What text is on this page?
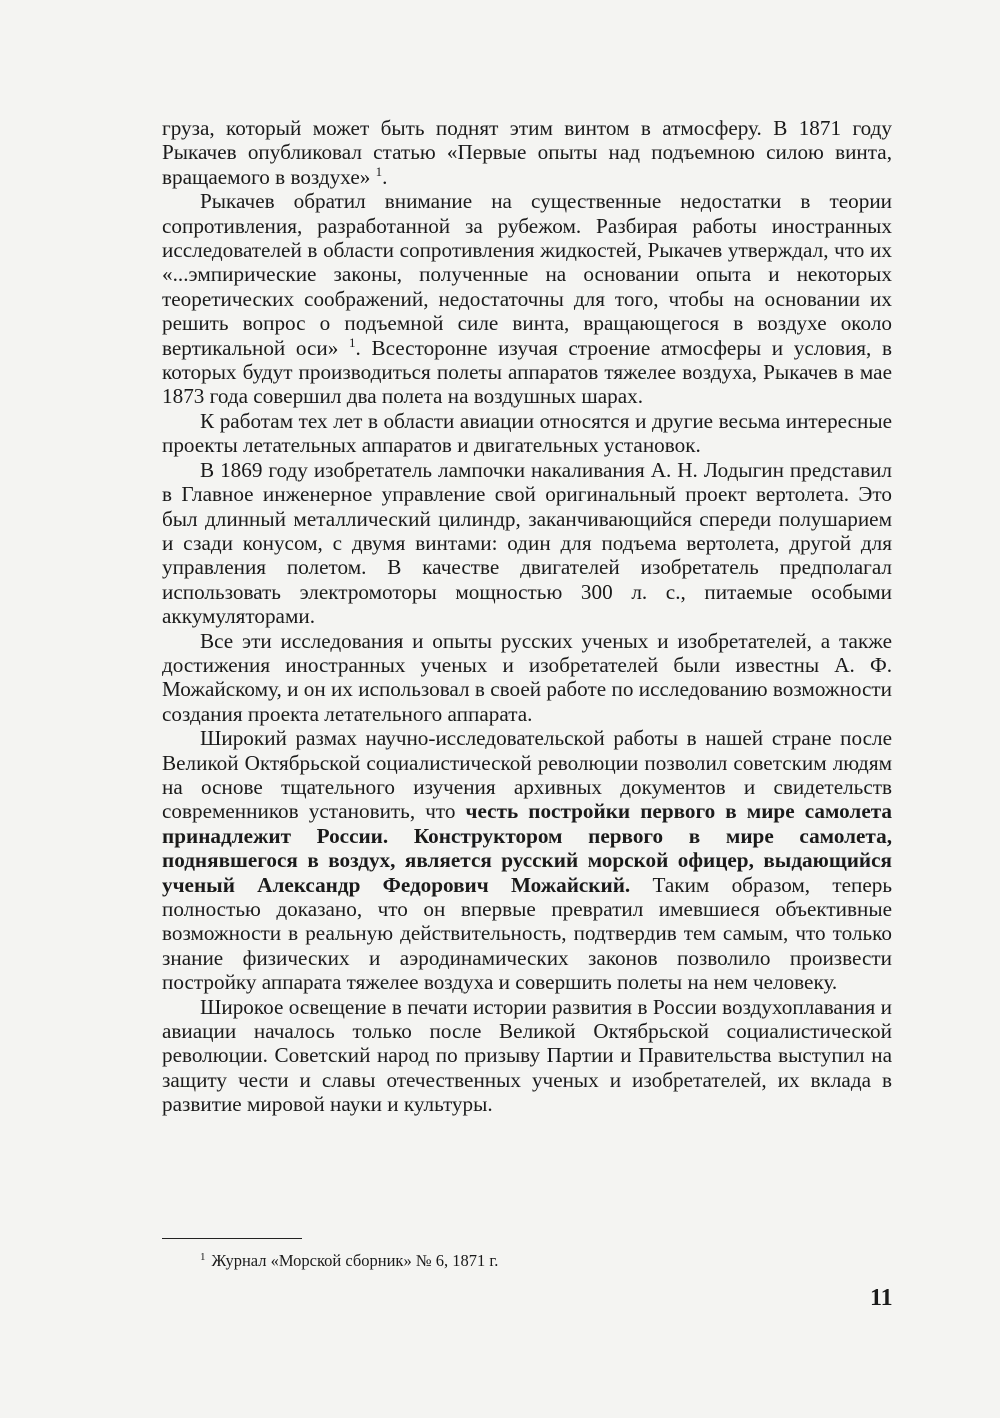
груза, который может быть поднят этим винтом в атмосферу. В 1871 году Рыкачев опубликовал статью «Первые опыты над подъемною силою винта, вращаемого в воздухе» $^1$.

Рыкачев обратил внимание на существенные недостатки в теории сопротивления, разработанной за рубежом. Разбирая работы иностранных исследователей в области сопротивления жидкостей, Рыкачев утверждал, что их «...эмпирические законы, полученные на основании опыта и некоторых теоретических соображений, недостаточны для того, чтобы на основании их решить вопрос о подъемной силе винта, вращающегося в воздухе около вертикальной оси» $^1$. Всесторонне изучая строение атмосферы и условия, в которых будут производиться полеты аппаратов тяжелее воздуха, Рыкачев в мае 1873 года совершил два полета на воздушных шарах.

К работам тех лет в области авиации относятся и другие весьма интересные проекты летательных аппаратов и двигательных установок.

В 1869 году изобретатель лампочки накаливания А. Н. Лодыгин представил в Главное инженерное управление свой оригинальный проект вертолета. Это был длинный металлический цилиндр, заканчивающийся спереди полушарием и сзади конусом, с двумя винтами: один для подъема вертолета, другой для управления полетом. В качестве двигателей изобретатель предполагал использовать электромоторы мощностью 300 л. с., питаемые особыми аккумуляторами.

Все эти исследования и опыты русских ученых и изобретателей, а также достижения иностранных ученых и изобретателей были известны А. Ф. Можайскому, и он их использовал в своей работе по исследованию возможности создания проекта летательного аппарата.

Широкий размах научно-исследовательской работы в нашей стране после Великой Октябрьской социалистической революции позволил советским людям на основе тщательного изучения архивных документов и свидетельств современников установить, что честь постройки первого в мире самолета принадлежит России. Конструктором первого в мире самолета, поднявшегося в воздух, является русский морской офицер, выдающийся ученый Александр Федорович Можайский. Таким образом, теперь полностью доказано, что он впервые превратил имевшиеся объективные возможности в реальную действительность, подтвердив тем самым, что только знание физических и аэродинамических законов позволило произвести постройку аппарата тяжелее воздуха и совершить полеты на нем человеку.

Широкое освещение в печати истории развития в России воздухоплавания и авиации началось только после Великой Октябрьской социалистической революции. Советский народ по призыву Партии и Правительства выступил на защиту чести и славы отечественных ученых и изобретателей, их вклада в развитие мировой науки и культуры.

$^1$ Журнал «Морской сборник» № 6, 1871 г.
11
